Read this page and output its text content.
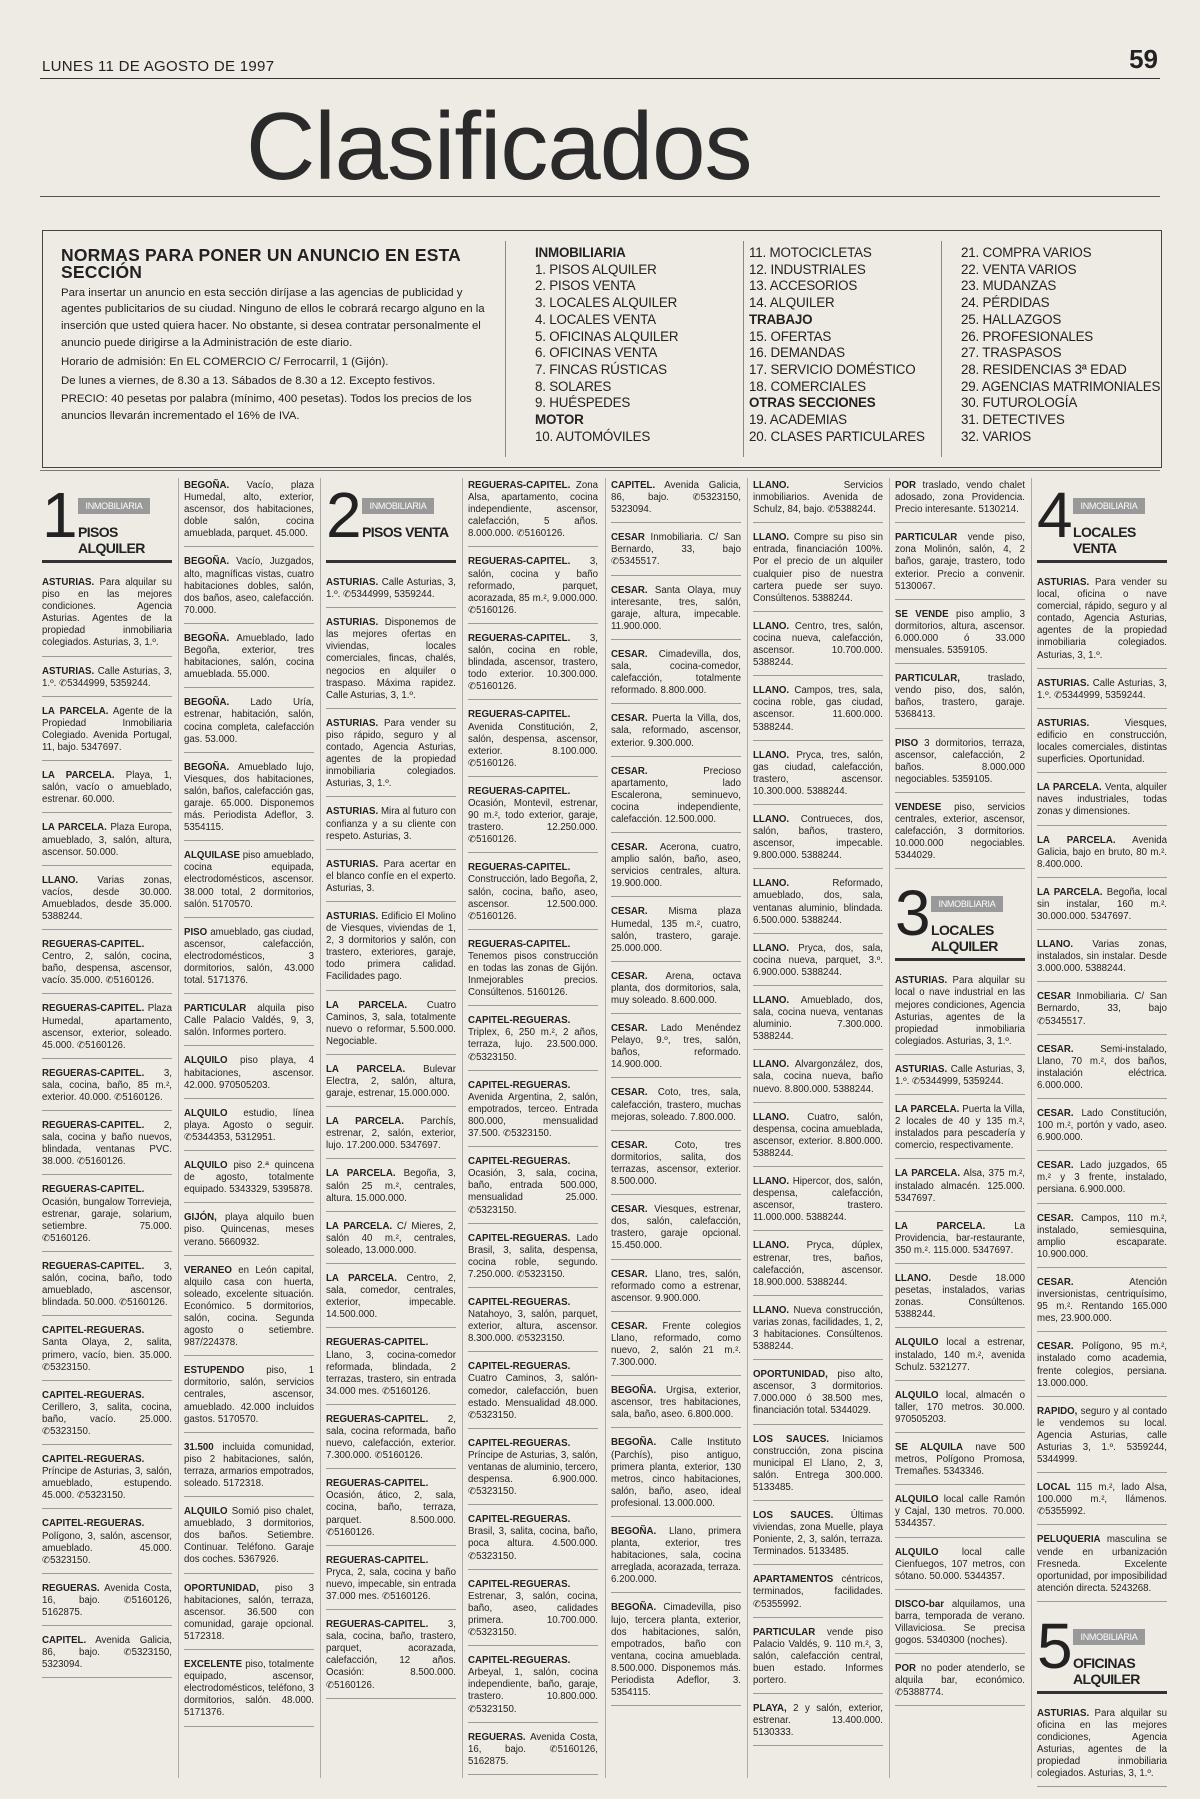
LUNES 11 DE AGOSTO DE 1997	59
Clasificados
NORMAS PARA PONER UN ANUNCIO EN ESTA SECCIÓN

Para insertar un anuncio en esta sección diríjase a las agencias de publicidad y agentes publicitarios de su ciudad. Ninguno de ellos le cobrará recargo alguno en la inserción que usted quiera hacer. No obstante, si desea contratar personalmente el anuncio puede dirigirse a la Administración de este diario.

Horario de admisión: En EL COMERCIO C/ Ferrocarril, 1 (Gijón).

De lunes a viernes, de 8.30 a 13. Sábados de 8.30 a 12. Excepto festivos.

PRECIO: 40 pesetas por palabra (mínimo, 400 pesetas). Todos los precios de los anuncios llevarán incrementado el 16% de IVA.

INMOBILIARIA
1. PISOS ALQUILER
2. PISOS VENTA
3. LOCALES ALQUILER
4. LOCALES VENTA
5. OFICINAS ALQUILER
6. OFICINAS VENTA
7. FINCAS RÚSTICAS
8. SOLARES
9. HUÉSPEDES
MOTOR
10. AUTOMÓVILES
11. MOTOCICLETAS
12. INDUSTRIALES
13. ACCESORIOS
14. ALQUILER
TRABAJO
15. OFERTAS
16. DEMANDAS
17. SERVICIO DOMÉSTICO
18. COMERCIALES
OTRAS SECCIONES
19. ACADEMIAS
20. CLASES PARTICULARES
21. COMPRA VARIOS
22. VENTA VARIOS
23. MUDANZAS
24. PÉRDIDAS
25. HALLAZGOS
26. PROFESIONALES
27. TRASPASOS
28. RESIDENCIAS 3ª EDAD
29. AGENCIAS MATRIMONIALES
30. FUTUROLOGÍA
31. DETECTIVES
32. VARIOS
1 INMOBILIARIA
PISOS ALQUILER
ASTURIAS. Para alquilar su piso en las mejores condiciones. Agencia Asturias. Agentes de la propiedad inmobiliaria colegiados. Asturias, 3, 1.º.
ASTURIAS. Calle Asturias, 3, 1.º. ✆5344999, 5359244.
LA PARCELA. Agente de la Propiedad Inmobiliaria Colegiado. Avenida Portugal, 11, bajo. 5347697.
LA PARCELA. Playa, 1, salón, vacío o amueblado, estrenar. 60.000.
LA PARCELA. Plaza Europa, amueblado, 3, salón, altura, ascensor. 50.000.
LLANO. Varias zonas, vacíos, desde 30.000. Amueblados, desde 35.000. 5388244.
REGUERAS-CAPITEL. Centro, 2, salón, cocina, baño, despensa, ascensor, vacío. 35.000. ✆5160126.
REGUERAS-CAPITEL. Plaza Humedal, apartamento, ascensor, exterior, soleado. 45.000. ✆5160126.
REGUERAS-CAPITEL. 3, sala, cocina, baño, 85 m.², exterior. 40.000. ✆5160126.
REGUERAS-CAPITEL. 2, sala, cocina y baño nuevos, blindada, ventanas PVC. 38.000. ✆5160126.
REGUERAS-CAPITEL. Ocasión, bungalow Torrevieja, estrenar, garaje, solarium, setiembre. 75.000. ✆5160126.
REGUERAS-CAPITEL. 3, salón, cocina, baño, todo amueblado, ascensor, blindada. 50.000. ✆5160126.
CAPITEL-REGUERAS. Santa Olaya, 2, salita, primero, vacío, bien. 35.000. ✆5323150.
CAPITEL-REGUERAS. Cerillero, 3, salita, cocina, baño, vacío. 25.000. ✆5323150.
CAPITEL-REGUERAS. Príncipe de Asturias, 3, salón, amueblado, estupendo. 45.000. ✆5323150.
CAPITEL-REGUERAS. Polígono, 3, salón, ascensor, amueblado. 45.000. ✆5323150.
REGUERAS. Avenida Costa, 16, bajo. ✆5160126, 5162875.
CAPITEL. Avenida Galicia, 86, bajo. ✆5323150, 5323094.
BEGOÑA. Vacío, plaza Humedal, alto, exterior, ascensor, dos habitaciones, doble salón, cocina amueblada, parquet. 45.000.
BEGOÑA. Vacío, Juzgados, alto, magníficas vistas, cuatro habitaciones dobles, salón, dos baños, aseo, calefacción. 70.000.
BEGOÑA. Amueblado, lado Begoña, exterior, tres habitaciones, salón, cocina amueblada. 55.000.
BEGOÑA. Lado Uría, estrenar, habitación, salón, cocina completa, calefacción gas. 53.000.
BEGOÑA. Amueblado lujo, Viesques, dos habitaciones, salón, baños, calefacción gas, garaje. 65.000. Disponemos más. Periodista Adeflor, 3. 5354115.
ALQUILASE piso amueblado, cocina equipada, electrodomésticos, ascensor. 38.000 total, 2 dormitorios, salón. 5170570.
PISO amueblado, gas ciudad, ascensor, calefacción, electrodomésticos, 3 dormitorios, salón, 43.000 total. 5171376.
PARTICULAR alquila piso Calle Palacio Valdés, 9, 3, salón. Informes portero.
ALQUILO piso playa, 4 habitaciones, ascensor. 42.000. 970505203.
ALQUILO estudio, línea playa. Agosto o seguir. ✆5344353, 5312951.
ALQUILO piso 2.ª quincena de agosto, totalmente equipado. 5343329, 5395878.
GIJÓN, playa alquilo buen piso. Quincenas, meses verano. 5660932.
VERANEO en León capital, alquilo casa con huerta, soleado, excelente situación. Económico. 5 dormitorios, salón, cocina. Segunda agosto o setiembre. 987/224378.
ESTUPENDO piso, 1 dormitorio, salón, servicios centrales, ascensor, amueblado. 42.000 incluidos gastos. 5170570.
31.500 incluida comunidad, piso 2 habitaciones, salón, terraza, armarios empotrados, soleado. 5172318.
ALQUILO Somió piso chalet, amueblado, 3 dormitorios, dos baños. Setiembre. Continuar. Teléfono. Garaje dos coches. 5367926.
OPORTUNIDAD, piso 3 habitaciones, salón, terraza, ascensor. 36.500 con comunidad, garaje opcional. 5172318.
EXCELENTE piso, totalmente equipado, ascensor, electrodomésticos, teléfono, 3 dormitorios, salón. 48.000. 5171376.
2 INMOBILIARIA
PISOS VENTA
ASTURIAS. Calle Asturias, 3, 1.º. ✆5344999, 5359244.
ASTURIAS. Disponemos de las mejores ofertas en viviendas, locales comerciales, fincas, chalés, negocios en alquiler o traspaso. Máxima rapidez. Calle Asturias, 3, 1.º.
ASTURIAS. Para vender su piso rápido, seguro y al contado, Agencia Asturias, agentes de la propiedad inmobiliaria colegiados. Asturias, 3, 1.º.
ASTURIAS. Mira al futuro con confianza y a su cliente con respeto. Asturias, 3.
ASTURIAS. Para acertar en el blanco confíe en el experto. Asturias, 3.
ASTURIAS. Edificio El Molino de Viesques, viviendas de 1, 2, 3 dormitorios y salón, con trastero, exteriores, garaje, todo primera calidad. Facilidades pago.
LA PARCELA. Cuatro Caminos, 3, sala, totalmente nuevo o reformar, 5.500.000. Negociable.
LA PARCELA. Bulevar Electra, 2, salón, altura, garaje, estrenar, 15.000.000.
LA PARCELA. Parchís, estrenar, 2, salón, exterior, lujo. 17.200.000. 5347697.
LA PARCELA. Begoña, 3, salón 25 m.², centrales, altura. 15.000.000.
LA PARCELA. C/ Mieres, 2, salón 40 m.², centrales, soleado, 13.000.000.
LA PARCELA. Centro, 2, sala, comedor, centrales, exterior, impecable. 14.500.000.
REGUERAS-CAPITEL. Llano, 3, cocina-comedor reformada, blindada, 2 terrazas, trastero, sin entrada 34.000 mes. ✆5160126.
REGUERAS-CAPITEL. 2, sala, cocina reformada, baño nuevo, calefacción, exterior. 7.300.000. ✆5160126.
REGUERAS-CAPITEL. Ocasión, ático, 2, sala, cocina, baño, terraza, parquet. 8.500.000. ✆5160126.
REGUERAS-CAPITEL. Pryca, 2, sala, cocina y baño nuevo, impecable, sin entrada 37.000 mes. ✆5160126.
REGUERAS-CAPITEL. 3, sala, cocina, baño, trastero, parquet, acorazada, calefacción, 12 años. Ocasión: 8.500.000. ✆5160126.
REGUERAS-CAPITEL. Zona Alsa, apartamento, cocina independiente, ascensor, calefacción, 5 años. 8.000.000. ✆5160126.
REGUERAS-CAPITEL. 3, salón, cocina y baño reformado, parquet, acorazada, 85 m.², 9.000.000. ✆5160126.
REGUERAS-CAPITEL. 3, salón, cocina en roble, blindada, ascensor, trastero, todo exterior. 10.300.000. ✆5160126.
REGUERAS-CAPITEL. Avenida Constitución, 2, salón, despensa, ascensor, exterior. 8.100.000. ✆5160126.
REGUERAS-CAPITEL. Ocasión, Montevil, estrenar, 90 m.², todo exterior, garaje, trastero. 12.250.000. ✆5160126.
REGUERAS-CAPITEL. Construcción, lado Begoña, 2, salón, cocina, baño, aseo, ascensor. 12.500.000. ✆5160126.
REGUERAS-CAPITEL. Tenemos pisos construcción en todas las zonas de Gijón. Inmejorables precios. Consúltenos. 5160126.
CAPITEL-REGUERAS. Triplex, 6, 250 m.², 2 años, terraza, lujo. 23.500.000. ✆5323150.
CAPITEL-REGUERAS. Avenida Argentina, 2, salón, empotrados, terceo. Entrada 800.000, mensualidad 37.500. ✆5323150.
CAPITEL-REGUERAS. Ocasión, 3, sala, cocina, baño, entrada 500.000, mensualidad 25.000. ✆5323150.
CAPITEL-REGUERAS. Lado Brasil, 3, salita, despensa, cocina roble, segundo. 7.250.000. ✆5323150.
CAPITEL-REGUERAS. Natahoyo, 3, salón, parquet, exterior, altura, ascensor. 8.300.000. ✆5323150.
CAPITEL-REGUERAS. Cuatro Caminos, 3, salón-comedor, calefacción, buen estado. Mensualidad 48.000. ✆5323150.
CAPITEL-REGUERAS. Príncipe de Asturias, 3, salón, ventanas de aluminio, tercero, despensa. 6.900.000. ✆5323150.
CAPITEL-REGUERAS. Brasil, 3, salita, cocina, baño, poca altura. 4.500.000. ✆5323150.
CAPITEL-REGUERAS. Estrenar, 3, salón, cocina, baño, aseo, calidades primera. 10.700.000. ✆5323150.
CAPITEL-REGUERAS. Arbeyal, 1, salón, cocina independiente, baño, garaje, trastero. 10.800.000. ✆5323150.
REGUERAS. Avenida Costa, 16, bajo. ✆5160126, 5162875.
CAPITEL. Avenida Galicia, 86, bajo. ✆5323150, 5323094.
CESAR Inmobiliaria. C/ San Bernardo, 33, bajo ✆5345517.
CESAR. Santa Olaya, muy interesante, tres, salón, garaje, altura, impecable. 11.900.000.
CESAR. Cimadevilla, dos, sala, cocina-comedor, calefacción, totalmente reformado. 8.800.000.
CESAR. Puerta la Villa, dos, sala, reformado, ascensor, exterior. 9.300.000.
CESAR. Precioso apartamento, lado Escalerona, seminuevo, cocina independiente, calefacción. 12.500.000.
CESAR. Acerona, cuatro, amplio salón, baño, aseo, servicios centrales, altura. 19.900.000.
CESAR. Misma plaza Humedal, 135 m.², cuatro, salón, trastero, garaje. 25.000.000.
CESAR. Arena, octava planta, dos dormitorios, sala, muy soleado. 8.600.000.
CESAR. Lado Menéndez Pelayo, 9.º, tres, salón, baños, reformado. 14.900.000.
CESAR. Coto, tres, sala, calefacción, trastero, muchas mejoras, soleado. 7.800.000.
CESAR. Coto, tres dormitorios, salita, dos terrazas, ascensor, exterior. 8.500.000.
CESAR. Viesques, estrenar, dos, salón, calefacción, trastero, garaje opcional. 15.450.000.
CESAR. Llano, tres, salón, reformado como a estrenar, ascensor. 9.900.000.
CESAR. Frente colegios Llano, reformado, como nuevo, 2, salón 21 m.². 7.300.000.
BEGOÑA. Urgisa, exterior, ascensor, tres habitaciones, sala, baño, aseo. 6.800.000.
BEGOÑA. Calle Instituto (Parchís), piso antiguo, primera planta, exterior, 130 metros, cinco habitaciones, salón, baño, aseo, ideal profesional. 13.000.000.
BEGOÑA. Llano, primera planta, exterior, tres habitaciones, sala, cocina arreglada, acorazada, terraza. 6.200.000.
BEGOÑA. Cimadevilla, piso lujo, tercera planta, exterior, dos habitaciones, salón, empotrados, baño con ventana, cocina amueblada. 8.500.000. Disponemos más. Periodista Adeflor, 3. 5354115.
LLANO. Servicios inmobiliarios. Avenida de Schulz, 84, bajo. ✆5388244.
LLANO. Compre su piso sin entrada, financiación 100%. Por el precio de un alquiler cualquier piso de nuestra cartera puede ser suyo. Consúltenos. 5388244.
LLANO. Centro, tres, salón, cocina nueva, calefacción, ascensor. 10.700.000. 5388244.
LLANO. Campos, tres, sala, cocina roble, gas ciudad, ascensor. 11.600.000. 5388244.
LLANO. Pryca, tres, salón, gas ciudad, calefacción, trastero, ascensor. 10.300.000. 5388244.
LLANO. Contrueces, dos, salón, baños, trastero, ascensor, impecable. 9.800.000. 5388244.
LLANO. Reformado, amueblado, dos, sala, ventanas aluminio, blindada. 6.500.000. 5388244.
LLANO. Pryca, dos, sala, cocina nueva, parquet, 3.º. 6.900.000. 5388244.
LLANO. Amueblado, dos, sala, cocina nueva, ventanas aluminio. 7.300.000. 5388244.
LLANO. Alvargonzález, dos, sala, cocina nueva, baño nuevo. 8.800.000. 5388244.
LLANO. Cuatro, salón, despensa, cocina amueblada, ascensor, exterior. 8.800.000. 5388244.
LLANO. Hipercor, dos, salón, despensa, calefacción, ascensor, trastero. 11.000.000. 5388244.
LLANO. Pryca, dúplex, estrenar, tres, baños, calefacción, ascensor. 18.900.000. 5388244.
LLANO. Nueva construcción, varias zonas, facilidades, 1, 2, 3 habitaciones. Consúltenos. 5388244.
OPORTUNIDAD, piso alto, ascensor, 3 dormitorios. 7.000.000 ó 38.500 mes, financiación total. 5344029.
LOS SAUCES. Iniciamos construcción, zona piscina municipal El Llano, 2, 3, salón. Entrega 300.000. 5133485.
LOS SAUCES. Últimas viviendas, zona Muelle, playa Poniente, 2, 3, salón, terraza. Terminados. 5133485.
APARTAMENTOS céntricos, terminados, facilidades. ✆5355992.
PARTICULAR vende piso Palacio Valdés, 9. 110 m.², 3, salón, calefacción central, buen estado. Informes portero.
PLAYA, 2 y salón, exterior, estrenar. 13.400.000. 5130333.
POR traslado, vendo chalet adosado, zona Providencia. Precio interesante. 5130214.
PARTICULAR vende piso, zona Molinón, salón, 4, 2 baños, garaje, trastero, todo exterior. Precio a convenir. 5130067.
SE VENDE piso amplio, 3 dormitorios, altura, ascensor. 6.000.000 ó 33.000 mensuales. 5359105.
PARTICULAR, traslado, vendo piso, dos, salón, baños, trastero, garaje. 5368413.
PISO 3 dormitorios, terraza, ascensor, calefacción, 2 baños. 8.000.000 negociables. 5359105.
VENDESE piso, servicios centrales, exterior, ascensor, calefacción, 3 dormitorios. 10.000.000 negociables. 5344029.
3 INMOBILIARIA
LOCALES ALQUILER
ASTURIAS. Para alquilar su local o nave industrial en las mejores condiciones, Agencia Asturias, agentes de la propiedad inmobiliaria colegiados. Asturias, 3, 1.º.
ASTURIAS. Calle Asturias, 3, 1.º. ✆5344999, 5359244.
LA PARCELA. Puerta la Villa, 2 locales de 40 y 135 m.², instalados para pescadería y comercio, respectivamente.
LA PARCELA. Alsa, 375 m.², instalado almacén. 125.000. 5347697.
LA PARCELA. La Providencia, bar-restaurante, 350 m.². 115.000. 5347697.
LLANO. Desde 18.000 pesetas, instalados, varias zonas. Consúltenos. 5388244.
ALQUILO local a estrenar, instalado, 140 m.², avenida Schulz. 5321277.
ALQUILO local, almacén o taller, 170 metros. 30.000. 970505203.
SE ALQUILA nave 500 metros, Polígono Promosa, Tremañes. 5343346.
ALQUILO local calle Ramón y Cajal, 130 metros. 70.000. 5344357.
ALQUILO local calle Cienfuegos, 107 metros, con sótano. 50.000. 5344357.
DISCO-bar alquilamos, una barra, temporada de verano. Villaviciosa. Se precisa gogos. 5340300 (noches).
POR no poder atenderlo, se alquila bar, económico. ✆5388774.
4 INMOBILIARIA
LOCALES VENTA
ASTURIAS. Para vender su local, oficina o nave comercial, rápido, seguro y al contado, Agencia Asturias, agentes de la propiedad inmobiliaria colegiados. Asturias, 3, 1.º.
ASTURIAS. Calle Asturias, 3, 1.º. ✆5344999, 5359244.
ASTURIAS. Viesques, edificio en construcción, locales comerciales, distintas superficies. Oportunidad.
LA PARCELA. Venta, alquiler naves industriales, todas zonas y dimensiones.
LA PARCELA. Avenida Galicia, bajo en bruto, 80 m.². 8.400.000.
LA PARCELA. Begoña, local sin instalar, 160 m.². 30.000.000. 5347697.
LLANO. Varias zonas, instalados, sin instalar. Desde 3.000.000. 5388244.
CESAR Inmobiliaria. C/ San Bernardo, 33, bajo ✆5345517.
CESAR. Semi-instalado, Llano, 70 m.², dos baños, instalación eléctrica. 6.000.000.
CESAR. Lado Constitución, 100 m.², portón y vado, aseo. 6.900.000.
CESAR. Lado juzgados, 65 m.² y 3 frente, instalado, persiana. 6.900.000.
CESAR. Campos, 110 m.², instalado, semiesquina, amplio escaparate. 10.900.000.
CESAR. Atención inversionistas, centriquísimo, 95 m.². Rentando 165.000 mes, 23.900.000.
CESAR. Polígono, 95 m.², instalado como academia, frente colegios, persiana. 13.000.000.
RAPIDO, seguro y al contado le vendemos su local. Agencia Asturias, calle Asturias 3, 1.º. 5359244, 5344999.
LOCAL 115 m.², lado Alsa, 100.000 m.², llámenos. ✆5355992.
PELUQUERIA masculina se vende en urbanización Fresneda. Excelente oportunidad, por imposibilidad atención directa. 5243268.
5 INMOBILIARIA
OFICINAS ALQUILER
ASTURIAS. Para alquilar su oficina en las mejores condiciones, Agencia Asturias, agentes de la propiedad inmobiliaria colegiados. Asturias, 3, 1.º.
